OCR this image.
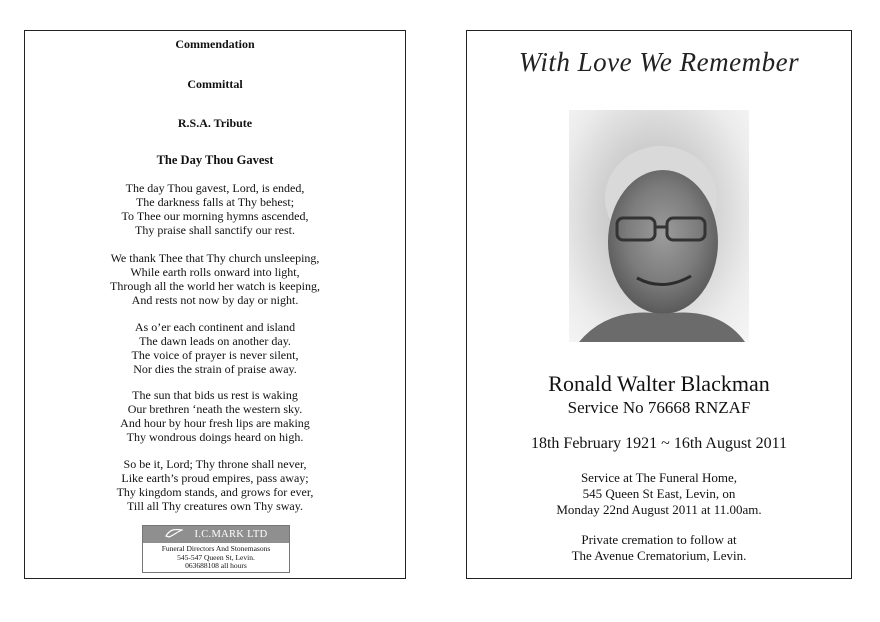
Commendation
Committal
R.S.A. Tribute
The Day Thou Gavest
The day Thou gavest, Lord, is ended,
The darkness falls at Thy behest;
To Thee our morning hymns ascended,
Thy praise shall sanctify our rest.
We thank Thee that Thy church unsleeping,
While earth rolls onward into light,
Through all the world her watch is keeping,
And rests not now by day or night.
As o’er each continent and island
The dawn leads on another day.
The voice of prayer is never silent,
Nor dies the strain of praise away.
The sun that bids us rest is waking
Our brethren ‘neath the western sky.
And hour by hour fresh lips are making
Thy wondrous doings heard on high.
So be it, Lord; Thy throne shall never,
Like earth’s proud empires, pass away;
Thy kingdom stands, and grows for ever,
Till all Thy creatures own Thy sway.
I.C.MARK LTD
Funeral Directors And Stonemasons
545-547 Queen St, Levin.
063688108 all hours
With Love We Remember
Ronald Walter Blackman
Service No 76668 RNZAF
18th February 1921 ~ 16th August 2011
Service at The Funeral Home,
545 Queen St East, Levin, on
Monday 22nd August 2011 at 11.00am.
Private cremation to follow at
The Avenue Crematorium, Levin.
